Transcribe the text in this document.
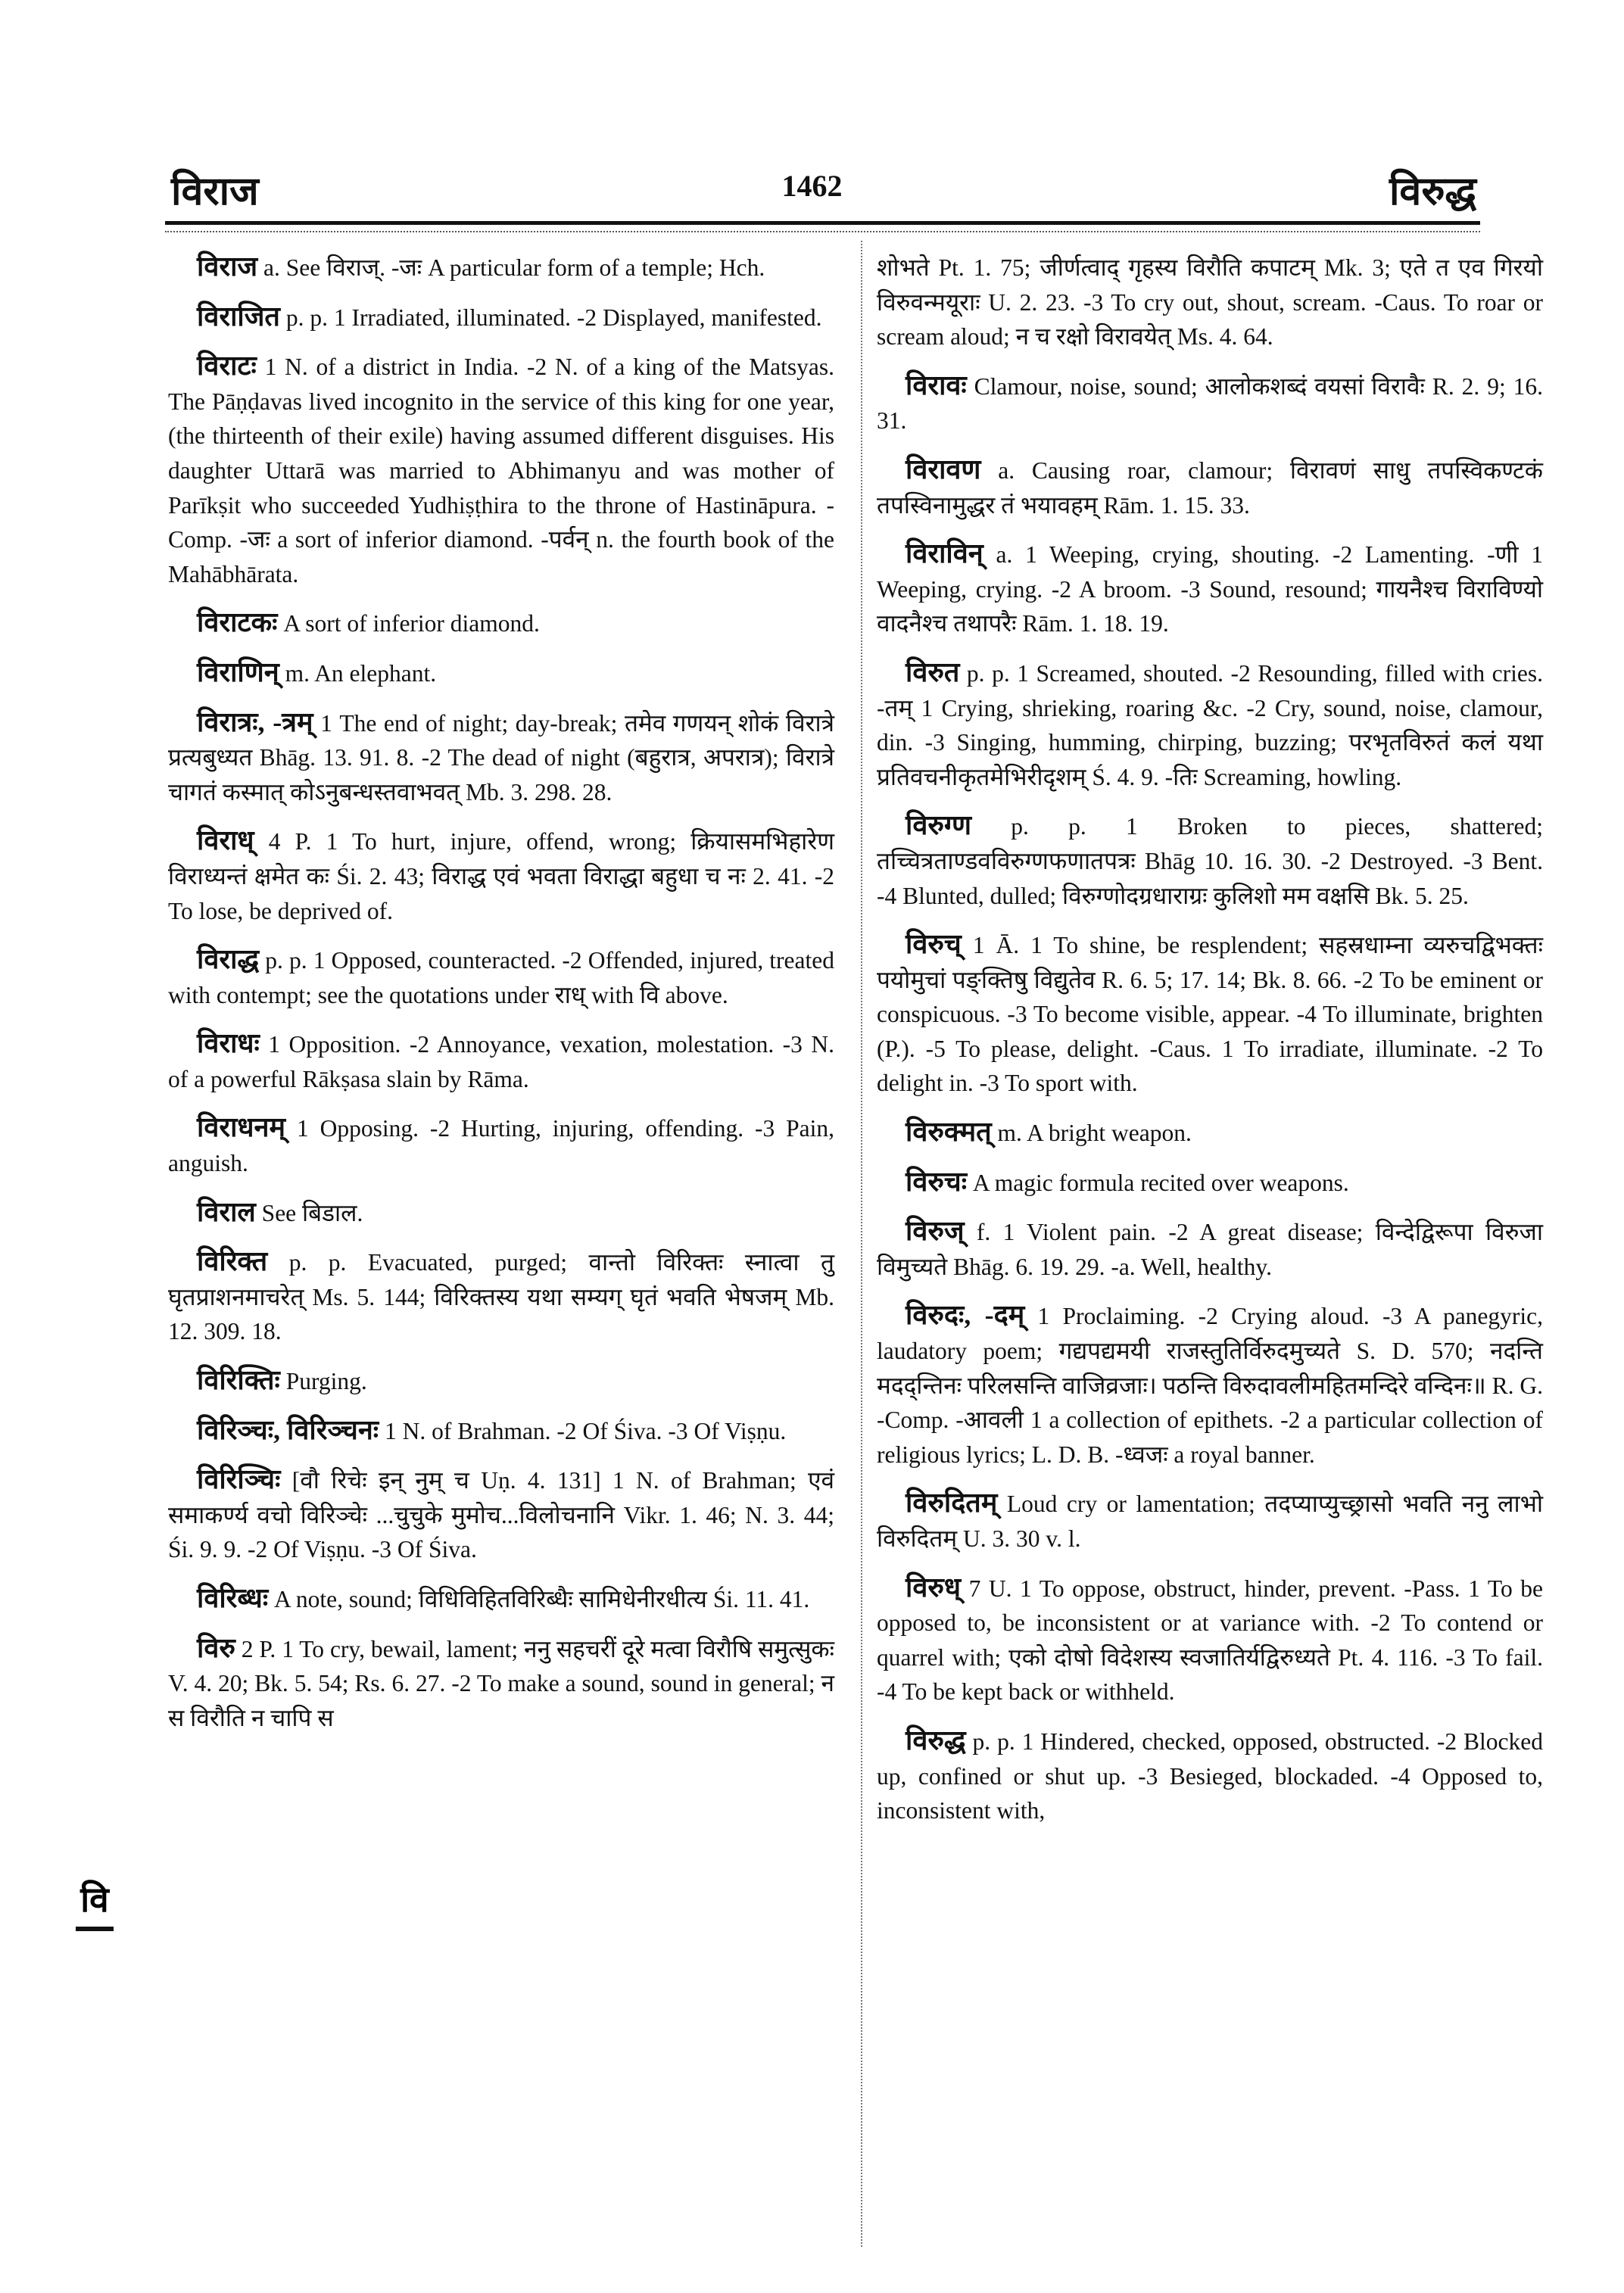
विराज	1462	विरुद्ध
विराज a. See विराज्. -जः A particular form of a temple; Hch.
विराजित p. p. 1 Irradiated, illuminated. -2 Displayed, manifested.
विराटः 1 N. of a district in India. -2 N. of a king of the Matsyas. The Pāṇḍavas lived incognito in the service of this king for one year, (the thirteenth of their exile) having assumed different disguises. His daughter Uttarā was married to Abhimanyu and was mother of Parīkṣit who succeeded Yudhiṣṭhira to the throne of Hastināpura. -Comp. -जः a sort of inferior diamond. -पर्वन् n. the fourth book of the Mahābhārata.
विराटकः A sort of inferior diamond.
विराणिन् m. An elephant.
विरात्रः, -त्रम् 1 The end of night; day-break; तमेव गणयन् शोकं विरात्रे प्रत्यबुध्यत Bhāg. 13. 91. 8. -2 The dead of night (बहुरात्र, अपरात्र); विरात्रे चागतं कस्मात् कोऽनुबन्धस्तवाभवत् Mb. 3. 298. 28.
विराध् 4 P. 1 To hurt, injure, offend, wrong; क्रियासमभिहारेण विराध्यन्तं क्षमेत कः Śi. 2. 43; विराद्ध एवं भवता विराद्धा बहुधा च नः 2. 41. -2 To lose, be deprived of.
विराद्ध p. p. 1 Opposed, counteracted. -2 Offended, injured, treated with contempt; see the quotations under राध् with वि above.
विराधः 1 Opposition. -2 Annoyance, vexation, molestation. -3 N. of a powerful Rākṣasa slain by Rāma.
विराधनम् 1 Opposing. -2 Hurting, injuring, offending. -3 Pain, anguish.
विराल See बिडाल.
विरिक्त p. p. Evacuated, purged; वान्तो विरिक्तः स्नात्वा तु घृतप्राशनमाचरेत् Ms. 5. 144; विरिक्तस्य यथा सम्यग् घृतं भवति भेषजम् Mb. 12. 309. 18.
विरिक्तिः Purging.
विरिञ्चः, विरिञ्चनः 1 N. of Brahman. -2 Of Śiva. -3 Of Viṣṇu.
विरिञ्चिः [वौ रिचेः इन् नुम् च Uṇ. 4. 131] 1 N. of Brahman; एवं समाकर्ण्य वचो विरिञ्चेः ...चुचुके मुमोच...विलोचनानि Vikr. 1. 46; N. 3. 44; Śi. 9. 9. -2 Of Viṣṇu. -3 Of Śiva.
विरिब्धः A note, sound; विधिविहितविरिब्धैः सामिधेनीरधीत्य Śi. 11. 41.
विरु 2 P. 1 To cry, bewail, lament; ननु सहचरीं दूरे मत्वा विरौषि समुत्सुकः V. 4. 20; Bk. 5. 54; Rs. 6. 27. -2 To make a sound, sound in general; न स विरौति न चापि स
शोभते Pt. 1. 75; जीर्णत्वाद् गृहस्य विरौति कपाटम् Mk. 3; एते त एव गिरयो विरुवन्मयूराः U. 2. 23. -3 To cry out, shout, scream. -Caus. To roar or scream aloud; न च रक्षो विरावयेत् Ms. 4. 64.
विरावः Clamour, noise, sound; आलोकशब्दं वयसां विरावैः R. 2. 9; 16. 31.
विरावण a. Causing roar, clamour; विरावणं साधु तपस्विकण्टकं तपस्विनामुद्धर तं भयावहम् Rām. 1. 15. 33.
विराविन् a. 1 Weeping, crying, shouting. -2 Lamenting. -णी 1 Weeping, crying. -2 A broom. -3 Sound, resound; गायनैश्च विराविण्यो वादनैश्च तथापरैः Rām. 1. 18. 19.
विरुत p. p. 1 Screamed, shouted. -2 Resounding, filled with cries. -तम् 1 Crying, shrieking, roaring &c. -2 Cry, sound, noise, clamour, din. -3 Singing, humming, chirping, buzzing; परभृतविरुतं कलं यथा प्रतिवचनीकृतमेभिरीदृशम् Ś. 4. 9. -तिः Screaming, howling.
विरुग्ण p. p. 1 Broken to pieces, shattered; तच्चित्रताण्डवविरुग्णफणातपत्रः Bhāg 10. 16. 30. -2 Destroyed. -3 Bent. -4 Blunted, dulled; विरुग्णोदग्रधाराग्रः कुलिशो मम वक्षसि Bk. 5. 25.
विरुच् 1 Ā. 1 To shine, be resplendent; सहस्रधाम्ना व्यरुचद्विभक्तः पयोमुचां पङ्क्तिषु विद्युतेव R. 6. 5; 17. 14; Bk. 8. 66. -2 To be eminent or conspicuous. -3 To become visible, appear. -4 To illuminate, brighten (P.). -5 To please, delight. -Caus. 1 To irradiate, illuminate. -2 To delight in. -3 To sport with.
विरुक्मत् m. A bright weapon.
विरुचः A magic formula recited over weapons.
विरुज् f. 1 Violent pain. -2 A great disease; विन्देद्विरूपा विरुजा विमुच्यते Bhāg. 6. 19. 29. -a. Well, healthy.
विरुदः, -दम् 1 Proclaiming. -2 Crying aloud. -3 A panegyric, laudatory poem; गद्यपद्यमयी राजस्तुतिर्विरुदमुच्यते S. D. 570; नदन्ति मदद्न्तिनः परिलसन्ति वाजिव्रजाः। पठन्ति विरुदावलीमहितमन्दिरे वन्दिनः॥ R. G. -Comp. -आवली 1 a collection of epithets. -2 a particular collection of religious lyrics; L. D. B. -ध्वजः a royal banner.
विरुदितम् Loud cry or lamentation; तदप्याप्युच्छ्रासो भवति ननु लाभो विरुदितम् U. 3. 30 v. l.
विरुध् 7 U. 1 To oppose, obstruct, hinder, prevent. -Pass. 1 To be opposed to, be inconsistent or at variance with. -2 To contend or quarrel with; एको दोषो विदेशस्य स्वजातिर्यद्विरुध्यते Pt. 4. 116. -3 To fail. -4 To be kept back or withheld.
विरुद्ध p. p. 1 Hindered, checked, opposed, obstructed. -2 Blocked up, confined or shut up. -3 Besieged, blockaded. -4 Opposed to, inconsistent with,
वि
